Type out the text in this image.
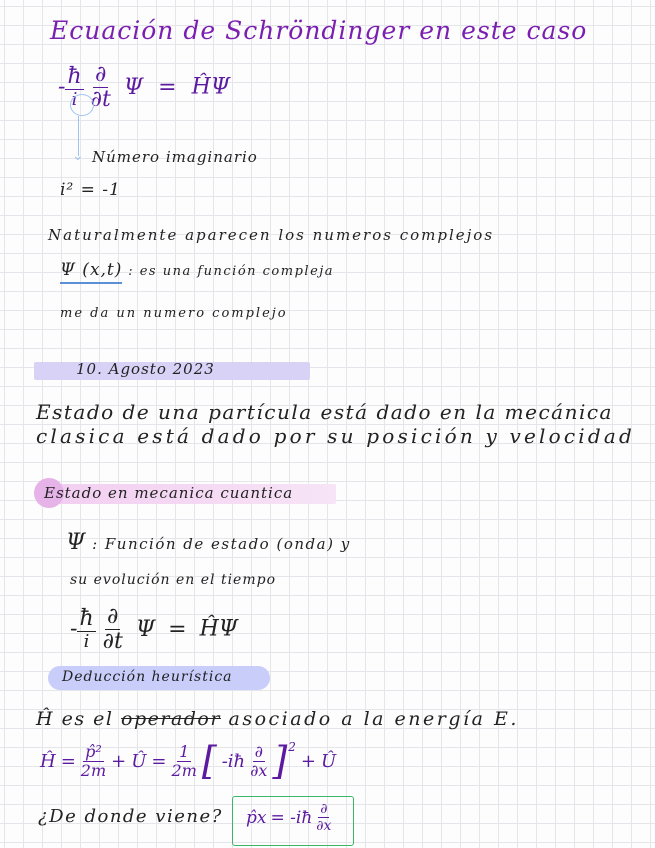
Ecuación de Schröndinger en este caso
- $\frac{ħ}{i}$
$\frac{\partial}{\partial t}$ Ψ = ĤΨ
⌄ Número imaginario
i² = -1
Naturalmente aparecen los numeros complejos
Ψ (x,t) : es una función compleja
me da un numero complejo
10. Agosto 2023
Estado de una partícula está dado en la mecánica
clasica está dado por su posición y velocidad
Estado en mecanica cuantica
Ψ : Función de estado (onda) y
su evolución en el tiempo
- $\frac{ħ}{i}$
$\frac{\partial}{\partial t}$ Ψ = ĤΨ
Deducción heurística
Ĥ es el operador asociado a la energía E.
Ĥ = $\frac{\text{p̂²}}{2m}$ + Û = $\frac{1}{2m}$ [ -iħ $\frac{\partial}{\partial x}$ ] 2
+ Û
¿De donde viene? p̂x = -iħ $\frac{\partial}{\partial x}$
